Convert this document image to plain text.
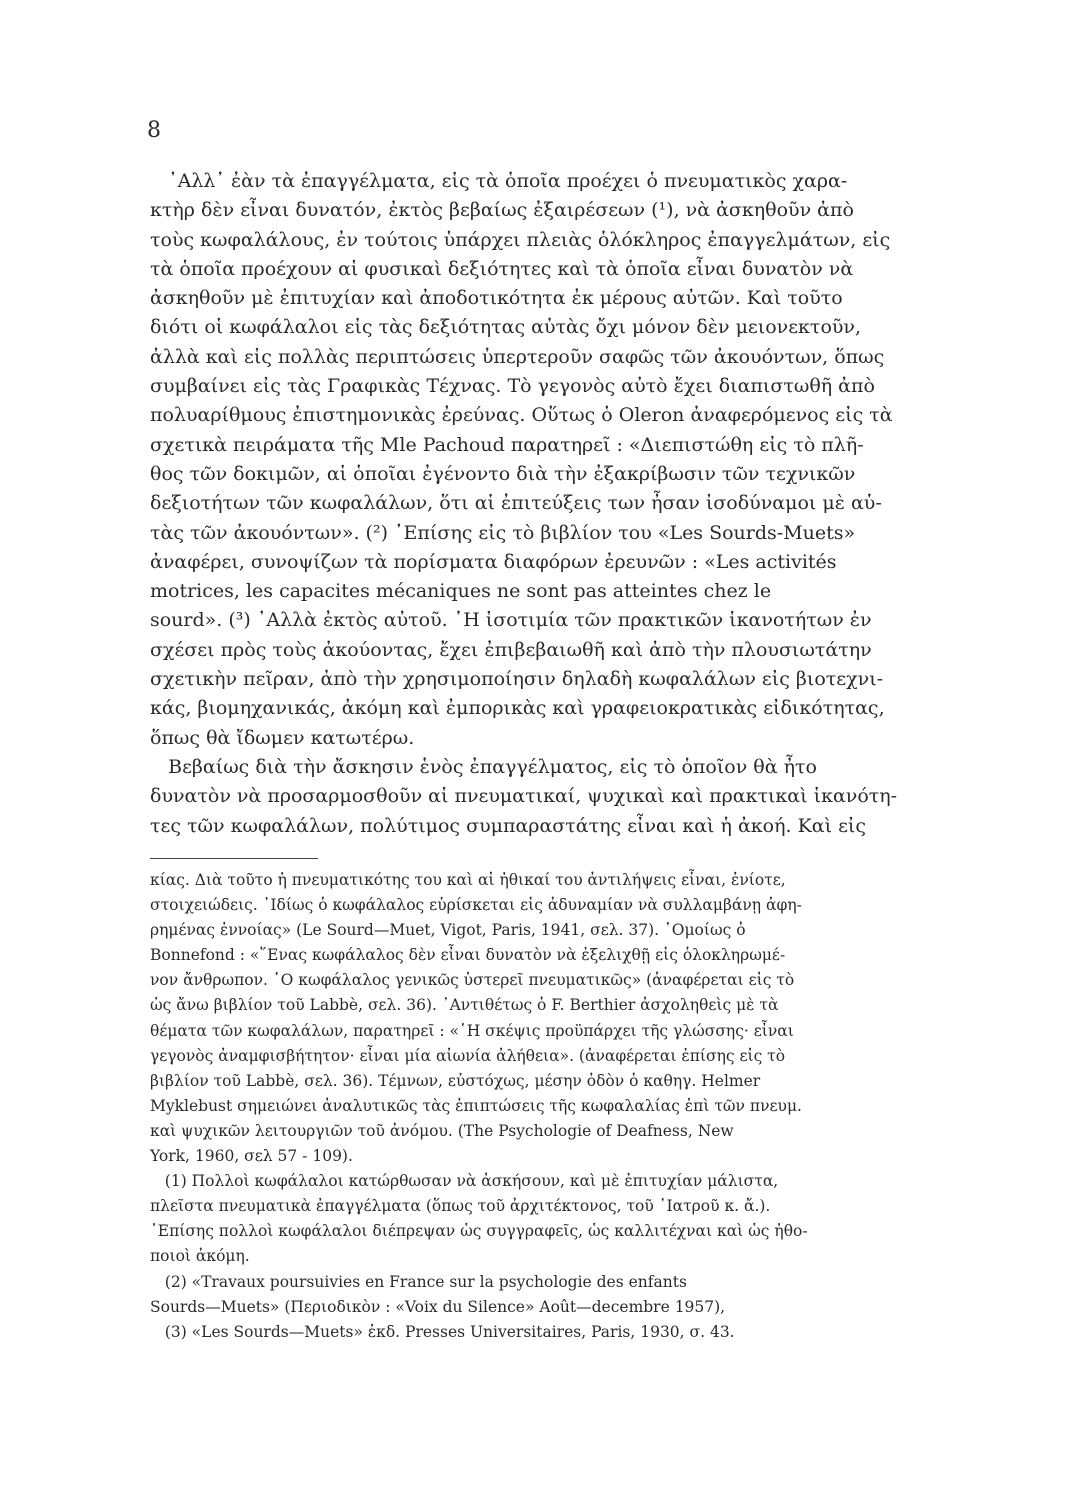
8
᾿Αλλ᾿ ἐὰν τὰ ἐπαγγέλματα, εἰς τὰ ὁποῖα προέχει ὁ πνευματικὸς χαρα-
κτὴρ δὲν εἶναι δυνατόν, ἐκτὸς βεβαίως ἐξαιρέσεων (¹), νὰ ἀσκηθοῦν ἀπὸ
τοὺς κωφαλάλους, ἐν τούτοις ὑπάρχει πλειὰς ὁλόκληρος ἐπαγγελμάτων, εἰς
τὰ ὁποῖα προέχουν αἱ φυσικαὶ δεξιότητες καὶ τὰ ὁποῖα εἶναι δυνατὸν νὰ
ἀσκηθοῦν μὲ ἐπιτυχίαν καὶ ἀποδοτικότητα ἐκ μέρους αὐτῶν. Καὶ τοῦτο
διότι οἱ κωφάλαλοι εἰς τὰς δεξιότητας αὐτὰς ὄχι μόνον δὲν μειονεκτοῦν,
ἀλλὰ καὶ εἰς πολλὰς περιπτώσεις ὑπερτεροῦν σαφῶς τῶν ἀκουόντων, ὅπως
συμβαίνει εἰς τὰς Γραφικὰς Τέχνας. Τὸ γεγονὸς αὐτὸ ἔχει διαπιστωθῆ ἀπὸ
πολυαρίθμους ἐπιστημονικὰς ἐρεύνας. Οὕτως ὁ Oleron ἀναφερόμενος εἰς τὰ
σχετικὰ πειράματα τῆς Mle Pachoud παρατηρεῖ : «Διεπιστώθη εἰς τὸ πλῆ-
θος τῶν δοκιμῶν, αἱ ὁποῖαι ἐγένοντο διὰ τὴν ἐξακρίβωσιν τῶν τεχνικῶν
δεξιοτήτων τῶν κωφαλάλων, ὅτι αἱ ἐπιτεύξεις των ἦσαν ἰσοδύναμοι μὲ αὐ-
τὰς τῶν ἀκουόντων». (²) ᾿Επίσης εἰς τὸ βιβλίον του «Les Sourds-Muets»
ἀναφέρει, συνοψίζων τὰ πορίσματα διαφόρων ἐρευνῶν : «Les activités
motrices, les capacites mécaniques ne sont pas atteintes chez le
sourd». (³) ᾿Αλλὰ ἐκτὸς αὐτοῦ. ῾Η ἰσοτιμία τῶν πρακτικῶν ἱκανοτήτων ἐν
σχέσει πρὸς τοὺς ἀκούοντας, ἔχει ἐπιβεβαιωθῆ καὶ ἀπὸ τὴν πλουσιωτάτην
σχετικὴν πεῖραν, ἀπὸ τὴν χρησιμοποίησιν δηλαδὴ κωφαλάλων εἰς βιοτεχνι-
κάς, βιομηχανικάς, ἀκόμη καὶ ἐμπορικὰς καὶ γραφειοκρατικὰς εἰδικότητας,
ὅπως θὰ ἴδωμεν κατωτέρω.
Βεβαίως διὰ τὴν ἄσκησιν ἑνὸς ἐπαγγέλματος, εἰς τὸ ὁποῖον θὰ ἦτο
δυνατὸν νὰ προσαρμοσθοῦν αἱ πνευματικαί, ψυχικαὶ καὶ πρακτικαὶ ἱκανότη-
τες τῶν κωφαλάλων, πολύτιμος συμπαραστάτης εἶναι καὶ ἡ ἀκοή. Καὶ εἰς
κίας. Διὰ τοῦτο ἡ πνευματικότης του καὶ αἱ ἠθικαί του ἀντιλήψεις εἶναι, ἐνίοτε,
στοιχειώδεις. ᾿Ιδίως ὁ κωφάλαλος εὑρίσκεται εἰς ἀδυναμίαν νὰ συλλαμβάνῃ ἀφη-
ρημένας ἐννοίας» (Le Sourd—Muet, Vigot, Paris, 1941, σελ. 37). ῾Ομοίως ὁ
Bonnefond : «῞Ενας κωφάλαλος δὲν εἶναι δυνατὸν νὰ ἐξελιχθῇ εἰς ὁλοκληρωμέ-
νον ἄνθρωπον. ῾Ο κωφάλαλος γενικῶς ὑστερεῖ πνευματικῶς» (ἀναφέρεται εἰς τὸ
ὡς ἄνω βιβλίον τοῦ Labbè, σελ. 36). ᾿Αντιθέτως ὁ F. Berthier ἀσχοληθεὶς μὲ τὰ
θέματα τῶν κωφαλάλων, παρατηρεῖ : «῾Η σκέψις προϋπάρχει τῆς γλώσσης· εἶναι
γεγονὸς ἀναμφισβήτητον· εἶναι μία αἰωνία ἀλήθεια». (ἀναφέρεται ἐπίσης εἰς τὸ
βιβλίον τοῦ Labbè, σελ. 36). Τέμνων, εὐστόχως, μέσην ὁδὸν ὁ καθηγ. Helmer
Myklebust σημειώνει ἀναλυτικῶς τὰς ἐπιπτώσεις τῆς κωφαλαλίας ἐπὶ τῶν πνευμ.
καὶ ψυχικῶν λειτουργιῶν τοῦ ἀνόμου. (The Psychologie of Deafness, New
York, 1960, σελ 57 - 109).
(1) Πολλοὶ κωφάλαλοι κατώρθωσαν νὰ ἀσκήσουν, καὶ μὲ ἐπιτυχίαν μάλιστα,
πλεῖστα πνευματικὰ ἐπαγγέλματα (ὅπως τοῦ ἀρχιτέκτονος, τοῦ ᾿Ιατροῦ κ. ἄ.).
᾿Επίσης πολλοὶ κωφάλαλοι διέπρεψαν ὡς συγγραφεῖς, ὡς καλλιτέχναι καὶ ὡς ἠθο-
ποιοὶ ἀκόμη.
(2) «Travaux poursuivies en France sur la psychologie des enfants
Sourds—Muets» (Περιοδικὸν : «Voix du Silence» Août—decembre 1957),
(3) «Les Sourds—Muets» ἐκδ. Presses Universitaires, Paris, 1930, σ. 43.
